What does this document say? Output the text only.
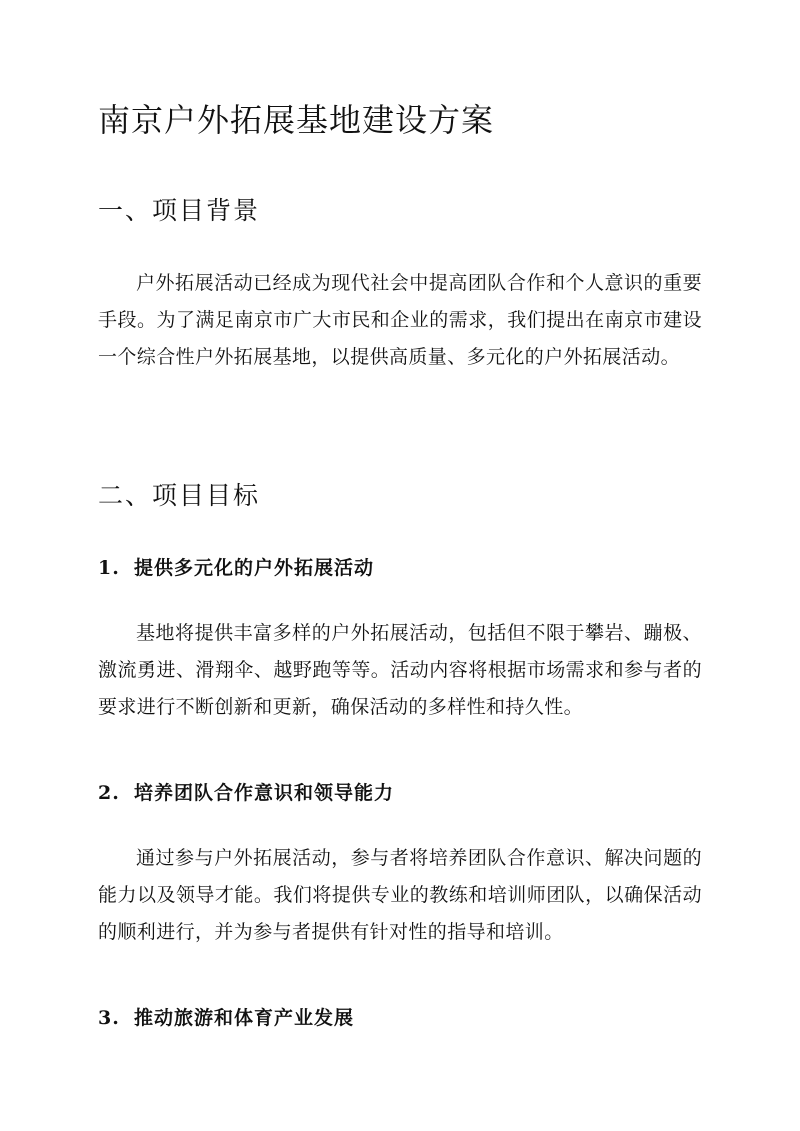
南京户外拓展基地建设方案
一、项目背景

户外拓展活动已经成为现代社会中提高团队合作和个人意识的重要手段。为了满足南京市广大市民和企业的需求，我们提出在南京市建设一个综合性户外拓展基地，以提供高质量、多元化的户外拓展活动。

二、项目目标
1. 提供多元化的户外拓展活动

基地将提供丰富多样的户外拓展活动，包括但不限于攀岩、蹦极、激流勇进、滑翔伞、越野跑等等。活动内容将根据市场需求和参与者的要求进行不断创新和更新，确保活动的多样性和持久性。

2. 培养团队合作意识和领导能力

通过参与户外拓展活动，参与者将培养团队合作意识、解决问题的能力以及领导才能。我们将提供专业的教练和培训师团队，以确保活动的顺利进行，并为参与者提供有针对性的指导和培训。

3. 推动旅游和体育产业发展
